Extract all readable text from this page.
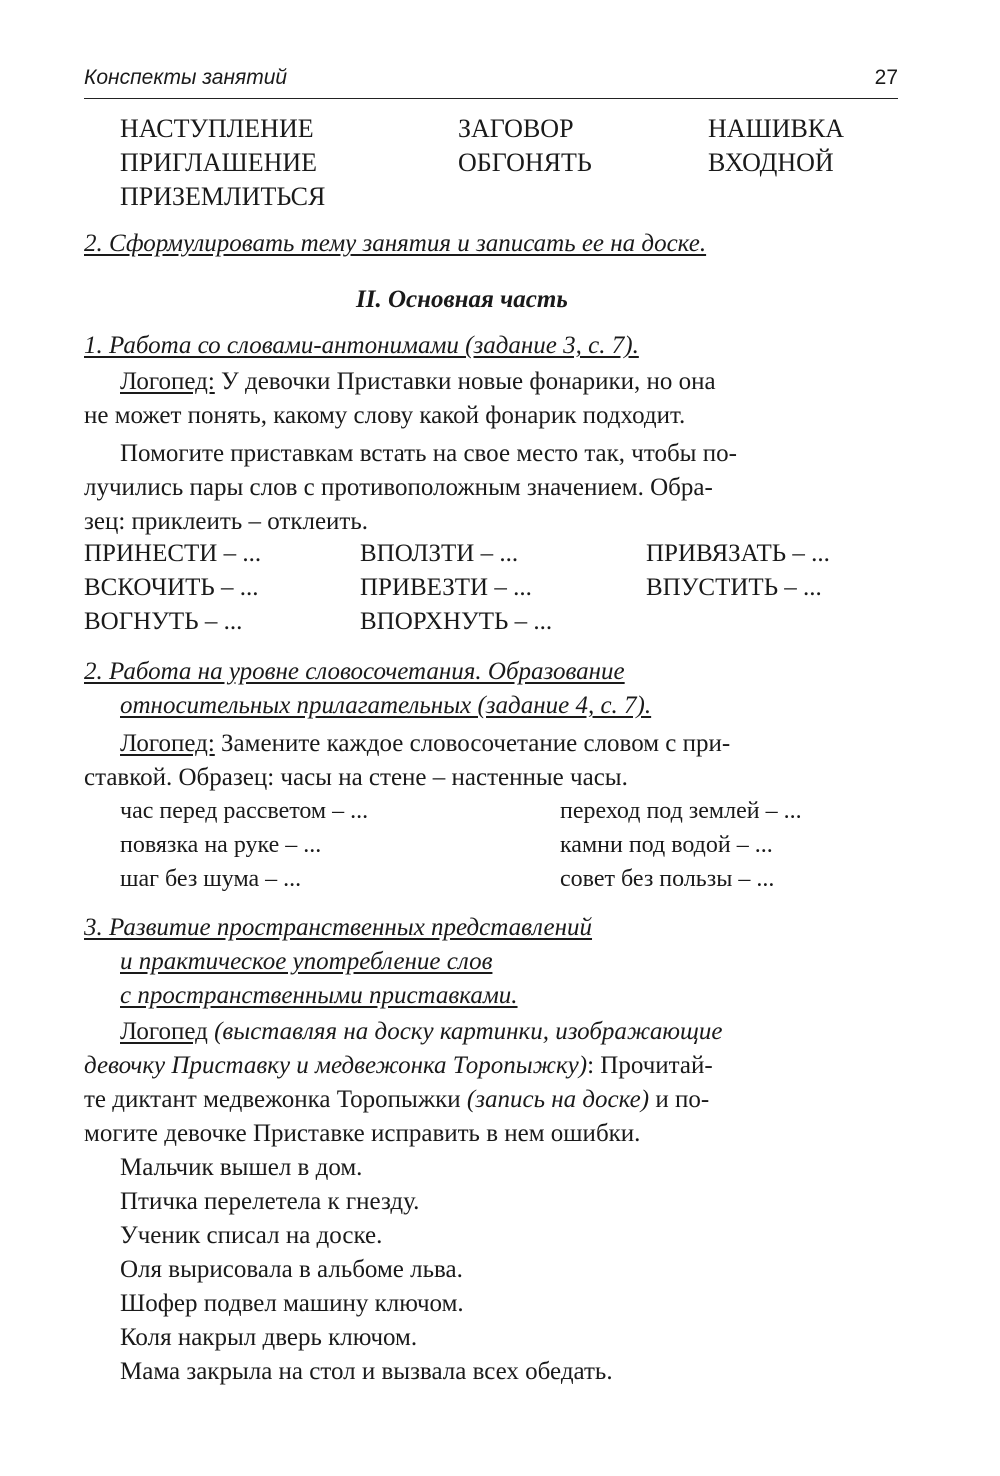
Конспекты занятий	27
НАСТУПЛЕНИЕ
ПРИГЛАШЕНИЕ
ПРИЗЕМЛИТЬСЯ
ЗАГОВОР
ОБГОНЯТЬ
НАШИВКА
ВХОДНОЙ
2. Сформулировать тему занятия и записать ее на доске.
II. Основная часть
1. Работа со словами-антонимами (задание 3, с. 7).
Логопед: У девочки Приставки новые фонарики, но она
не может понять, какому слову какой фонарик подходит.
Помогите приставкам встать на свое место так, чтобы по-
лучились пары слов с противоположным значением. Обра-
зец: приклеить – отклеить.
ПРИНЕСТИ – ...
ВСКОЧИТЬ – ...
ВОГНУТЬ – ...
ВПОЛЗТИ – ...
ПРИВЕЗТИ – ...
ВПОРХНУТЬ – ...
ПРИВЯЗАТЬ – ...
ВПУСТИТЬ – ...
2. Работа на уровне словосочетания. Образование
относительных прилагательных (задание 4, с. 7).
Логопед: Замените каждое словосочетание словом с при-
ставкой. Образец: часы на стене – настенные часы.
час перед рассветом – ...
повязка на руке – ...
шаг без шума – ...
переход под землей – ...
камни под водой – ...
совет без пользы – ...
3. Развитие пространственных представлений
и практическое употребление слов
с пространственными приставками.
Логопед (выставляя на доску картинки, изображающие
девочку Приставку и медвежонка Торопыжку): Прочитай-
те диктант медвежонка Торопыжки (запись на доске) и по-
могите девочке Приставке исправить в нем ошибки.
Мальчик вышел в дом.
Птичка перелетела к гнезду.
Ученик списал на доске.
Оля вырисовала в альбоме льва.
Шофер подвел машину ключом.
Коля накрыл дверь ключом.
Мама закрыла на стол и вызвала всех обедать.
